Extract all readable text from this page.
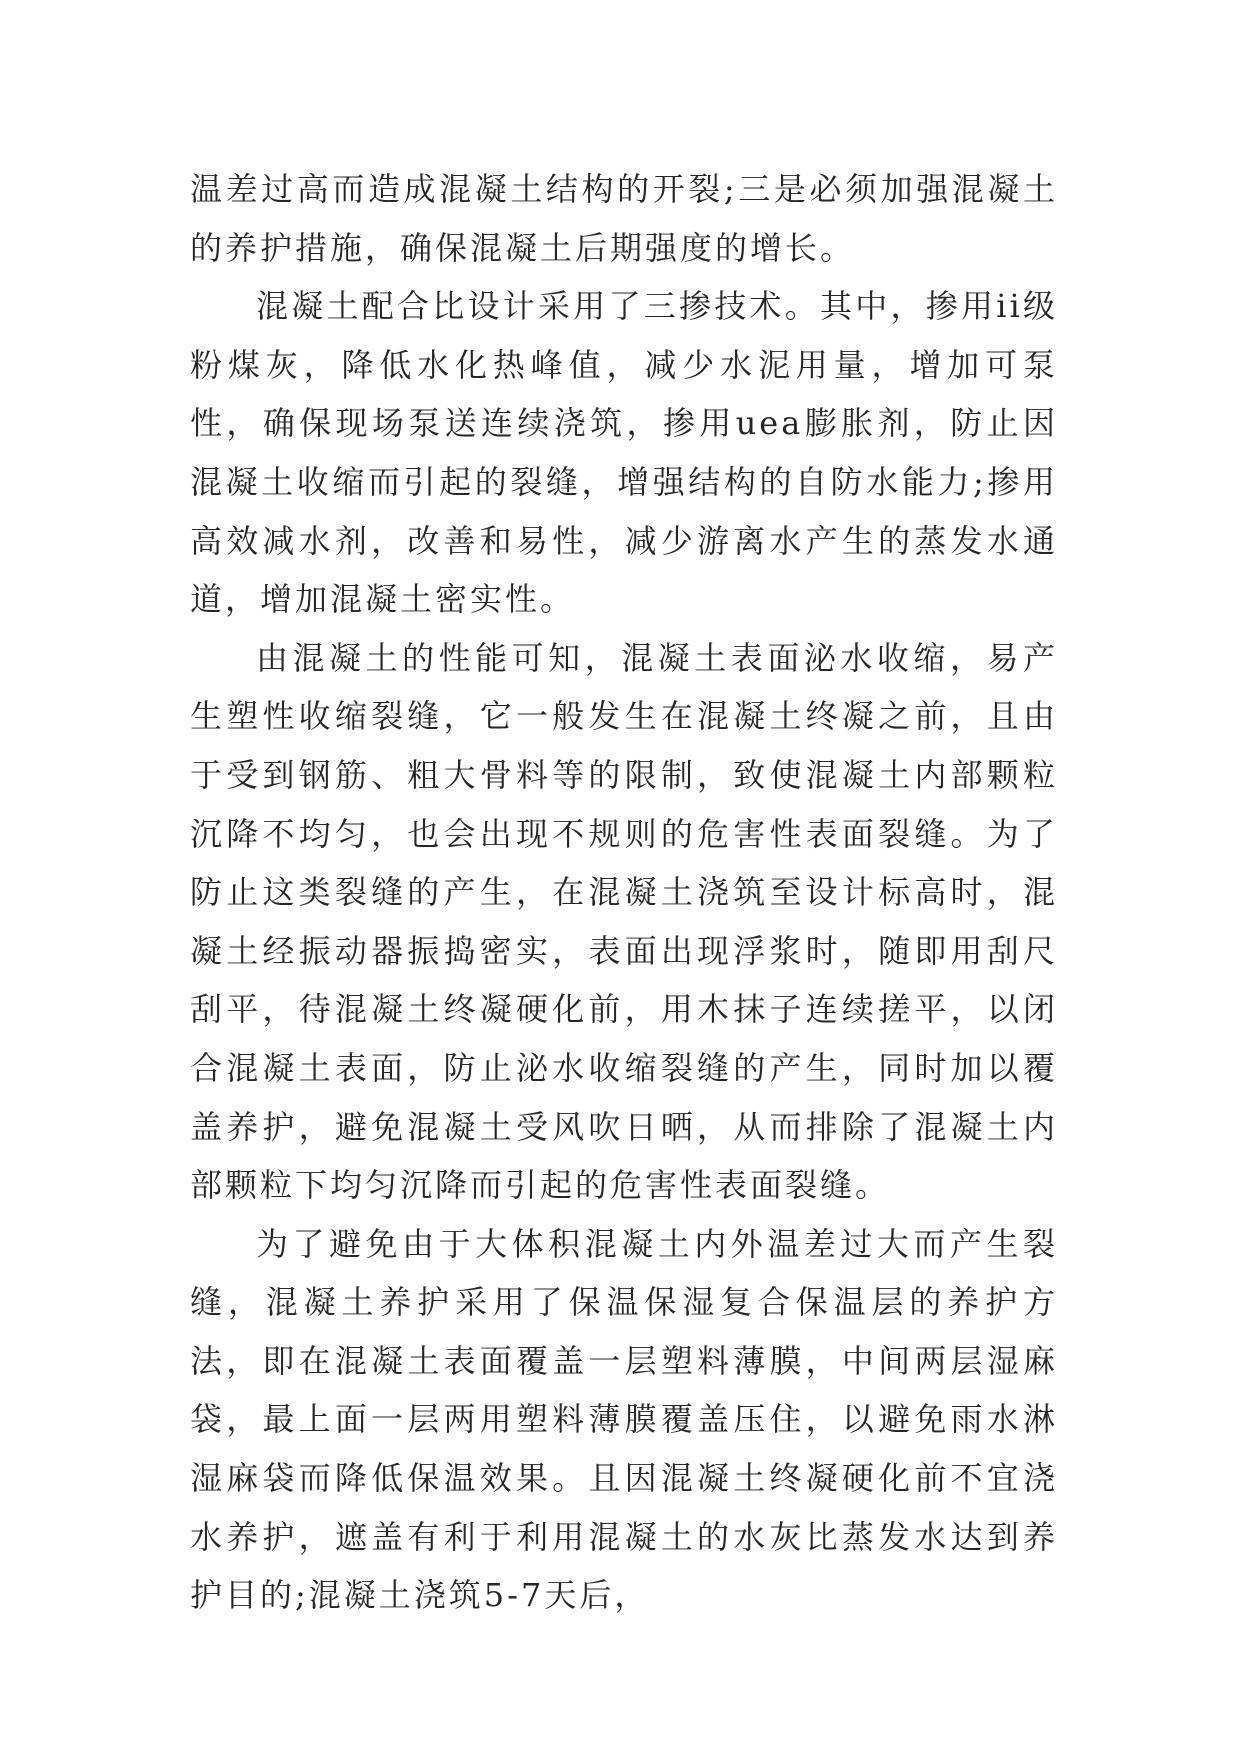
温差过高而造成混凝土结构的开裂;三是必须加强混凝土的养护措施，确保混凝土后期强度的增长。

混凝土配合比设计采用了三掺技术。其中，掺用ii级粉煤灰，降低水化热峰值，减少水泥用量，增加可泵性，确保现场泵送连续浇筑，掺用uea膨胀剂，防止因混凝土收缩而引起的裂缝，增强结构的自防水能力;掺用高效减水剂，改善和易性，减少游离水产生的蒸发水通道，增加混凝土密实性。

由混凝土的性能可知，混凝土表面泌水收缩，易产生塑性收缩裂缝，它一般发生在混凝土终凝之前，且由于受到钢筋、粗大骨料等的限制，致使混凝土内部颗粒沉降不均匀，也会出现不规则的危害性表面裂缝。为了防止这类裂缝的产生，在混凝土浇筑至设计标高时，混凝土经振动器振捣密实，表面出现浮浆时，随即用刮尺刮平，待混凝土终凝硬化前，用木抹子连续搓平，以闭合混凝土表面，防止泌水收缩裂缝的产生，同时加以覆盖养护，避免混凝土受风吹日晒，从而排除了混凝土内部颗粒下均匀沉降而引起的危害性表面裂缝。

为了避免由于大体积混凝土内外温差过大而产生裂缝，混凝土养护采用了保温保湿复合保温层的养护方法，即在混凝土表面覆盖一层塑料薄膜，中间两层湿麻袋，最上面一层两用塑料薄膜覆盖压住，以避免雨水淋湿麻袋而降低保温效果。且因混凝土终凝硬化前不宜浇水养护，遮盖有利于利用混凝土的水灰比蒸发水达到养护目的;混凝土浇筑5-7天后，
